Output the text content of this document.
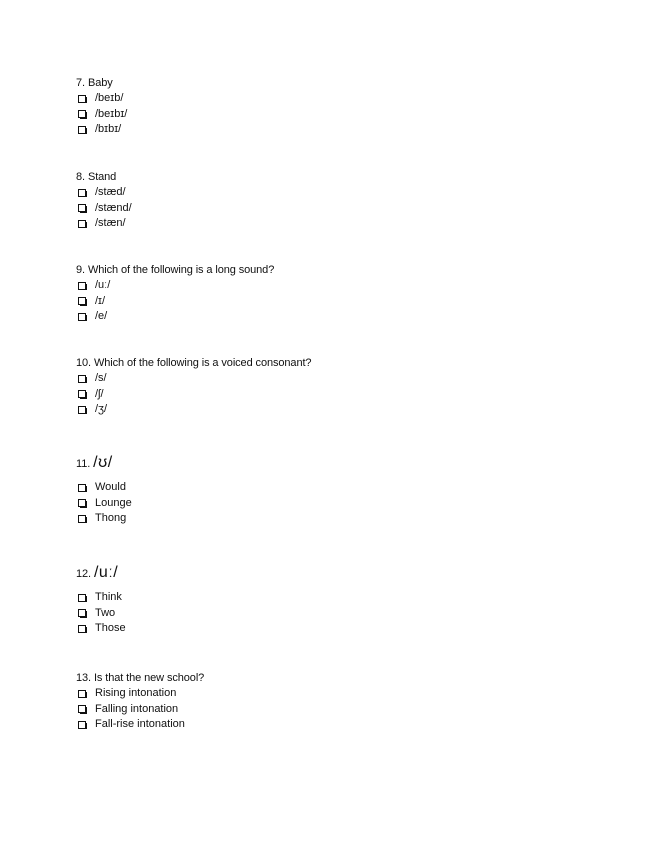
7. Baby
/beɪb/
/beɪbɪ/
/bɪbɪ/
8. Stand
/stæd/
/stænd/
/stæn/
9. Which of the following is a long sound?
/uː/
/ɪ/
/e/
10. Which of the following is a voiced consonant?
/s/
/ʃ/
/ʒ/
11. /ʊ/
Would
Lounge
Thong
12. /uː/
Think
Two
Those
13. Is that the new school?
Rising intonation
Falling intonation
Fall-rise intonation
